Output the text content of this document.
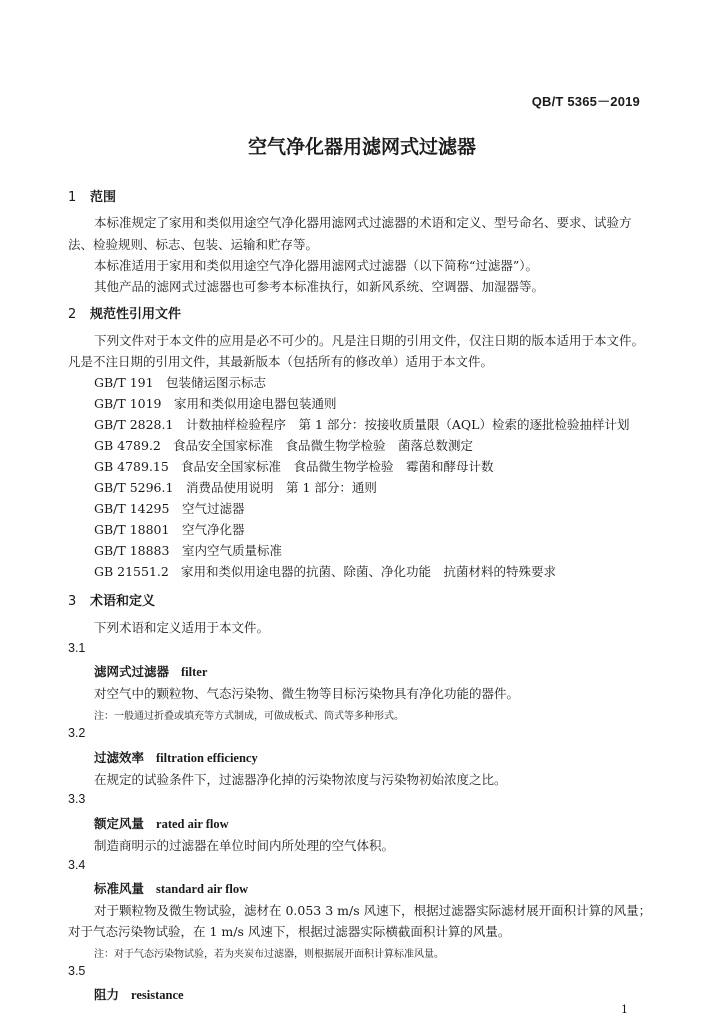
QB/T 5365－2019
空气净化器用滤网式过滤器
1 范围
本标准规定了家用和类似用途空气净化器用滤网式过滤器的术语和定义、型号命名、要求、试验方
法、检验规则、标志、包装、运输和贮存等。
本标准适用于家用和类似用途空气净化器用滤网式过滤器（以下简称“过滤器”）。
其他产品的滤网式过滤器也可参考本标准执行，如新风系统、空调器、加湿器等。
2 规范性引用文件
下列文件对于本文件的应用是必不可少的。凡是注日期的引用文件，仅注日期的版本适用于本文件。
凡是不注日期的引用文件，其最新版本（包括所有的修改单）适用于本文件。
GB/T 191 包装储运图示标志
GB/T 1019 家用和类似用途电器包装通则
GB/T 2828.1 计数抽样检验程序　第 1 部分：按接收质量限（AQL）检索的逐批检验抽样计划
GB 4789.2 食品安全国家标准　食品微生物学检验　菌落总数测定
GB 4789.15 食品安全国家标准　食品微生物学检验　霉菌和酵母计数
GB/T 5296.1 消费品使用说明　第 1 部分：通则
GB/T 14295 空气过滤器
GB/T 18801 空气净化器
GB/T 18883 室内空气质量标准
GB 21551.2 家用和类似用途电器的抗菌、除菌、净化功能　抗菌材料的特殊要求
3 术语和定义
下列术语和定义适用于本文件。
3.1
滤网式过滤器 filter
对空气中的颗粒物、气态污染物、微生物等目标污染物具有净化功能的器件。
注：一般通过折叠或填充等方式制成，可做成板式、筒式等多种形式。
3.2
过滤效率 filtration efficiency
在规定的试验条件下，过滤器净化掉的污染物浓度与污染物初始浓度之比。
3.3
额定风量 rated air flow
制造商明示的过滤器在单位时间内所处理的空气体积。
3.4
标准风量 standard air flow
对于颗粒物及微生物试验，滤材在 0.053 3 m/s 风速下，根据过滤器实际滤材展开面积计算的风量；
对于气态污染物试验，在 1 m/s 风速下，根据过滤器实际横截面积计算的风量。
注：对于气态污染物试验，若为夹炭布过滤器，则根据展开面积计算标准风量。
3.5
阻力 resistance
1
